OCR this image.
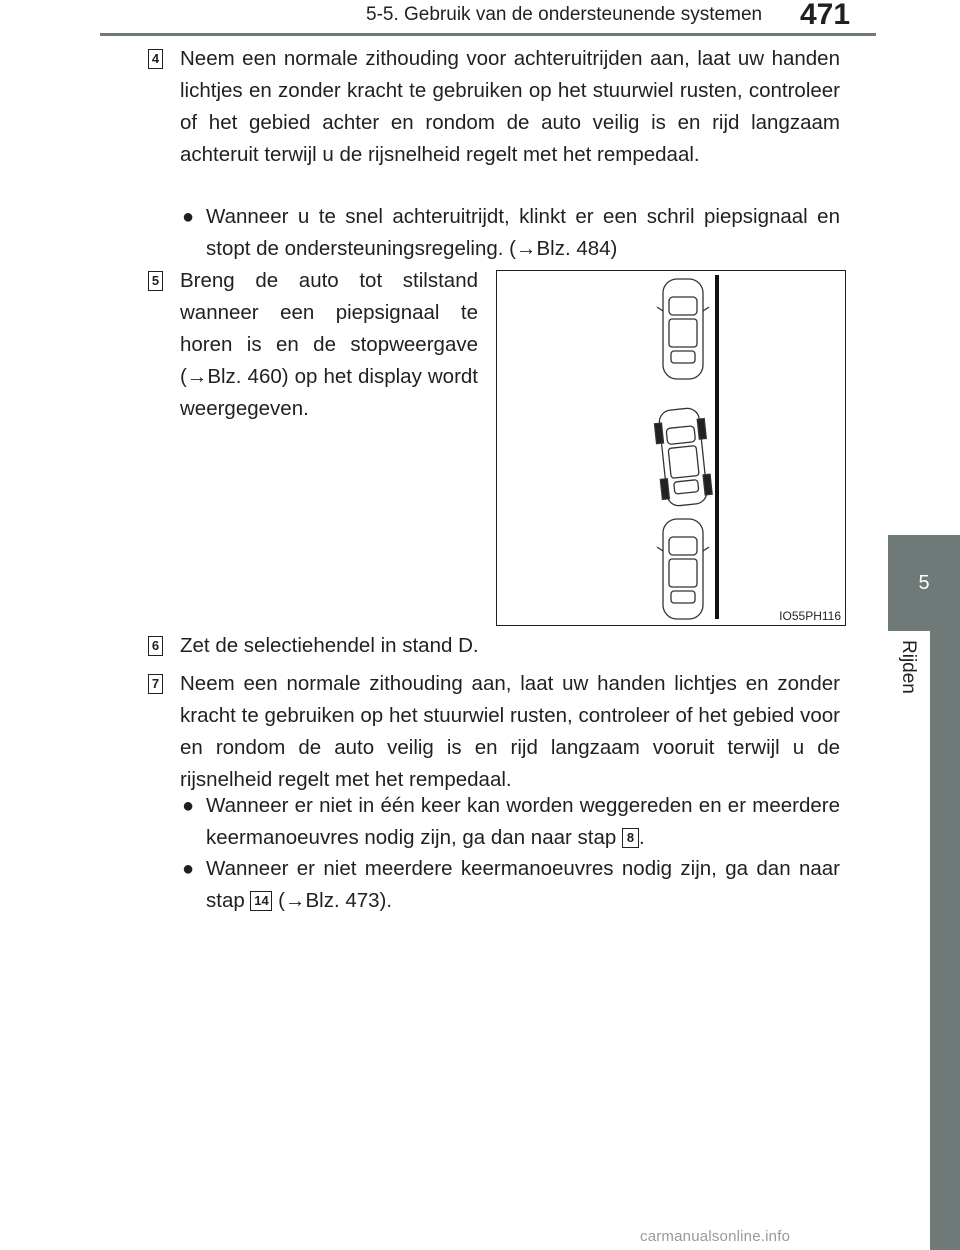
5-5. Gebruik van de ondersteunende systemen 471
5
Rijden
4 Neem een normale zithouding voor achteruitrijden aan, laat uw handen lichtjes en zonder kracht te gebruiken op het stuurwiel rusten, controleer of het gebied achter en rondom de auto veilig is en rijd langzaam achteruit terwijl u de rijsnelheid regelt met het rempedaal.

● Wanneer u te snel achteruitrijdt, klinkt er een schril piepsignaal en stopt de ondersteuningsregeling. (→Blz. 484)
5 Breng de auto tot stilstand wanneer een piepsignaal te horen is en de stopweergave (→Blz. 460) op het display wordt weergegeven.

IO55PH116
6 Zet de selectiehendel in stand D.

7 Neem een normale zithouding aan, laat uw handen lichtjes en zonder kracht te gebruiken op het stuurwiel rusten, controleer of het gebied voor en rondom de auto veilig is en rijd langzaam vooruit terwijl u de rijsnelheid regelt met het rempedaal.

● Wanneer er niet in één keer kan worden weggereden en er meerdere keermanoeuvres nodig zijn, ga dan naar stap 8 .
● Wanneer er niet meerdere keermanoeuvres nodig zijn, ga dan naar stap 14 (→Blz. 473).
carmanualsonline.info
